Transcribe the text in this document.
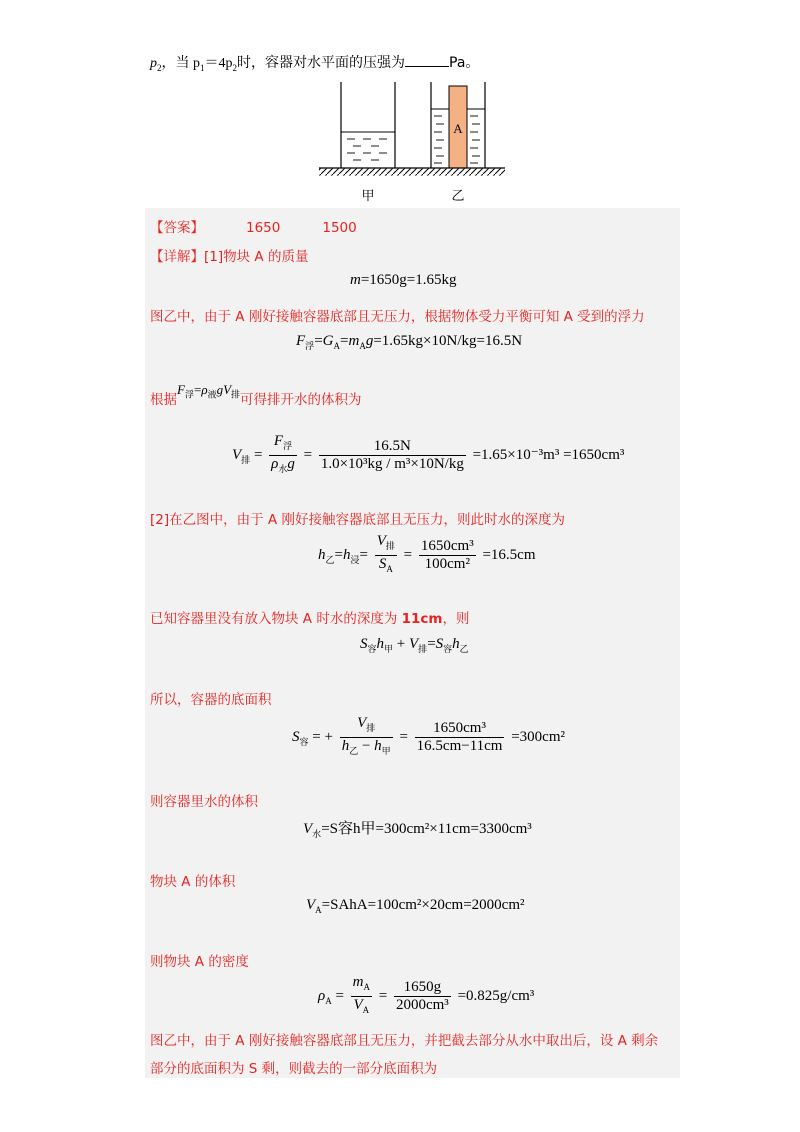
$p_2$，当 $p_1=4p_2$时，容器对水平面的压强为	Pa。
A
甲	乙
【答案】	1650	1500
【详解】[1]物块 A 的质量
m=1650g=1.65kg
图乙中，由于 A 刚好接触容器底部且无压力，根据物体受力平衡可知 A 受到的浮力
$F_浮=G_A=m_Ag=1.65kg\times 10N/kg=16.5N$
根据$F_浮=\rho_液gV_排$可得排开水的体积为
$V_排 = \frac{F_浮}{\rho_水g} = \frac{16.5N}{\text{1.0×10³kg / m³×10N/kg}} =1.65\times 10^{-3}m^3 =1650cm^3$
[2]在乙图中，由于 A 刚好接触容器底部且无压力，则此时水的深度为
$h_乙=h_浸= \frac{V_排}{S_A} = \frac{\text{1650cm³}}{\text{100cm²}} =16.5cm$
已知容器里没有放入物块 A 时水的深度为 11cm，则
$S_容h_甲 + V_排=S_容h_乙$
所以，容器的底面积
$S_容$ = + $\frac{V_排}{h_乙 - h_甲} = \frac{\text{1650cm³}}{16.5cm-11cm} =300cm^2$
则容器里水的体积
$V_水=S$容h甲=300cm²×11cm=3300cm³
物块 A 的体积
$V_A=SAhA=100cm^2\times 20cm=2000cm^2$
则物块 A 的密度
$\rho_A = \frac{m_A}{V_A} = \frac{1650g}{\text{2000cm³}} =0.825g/cm^3$
图乙中，由于 A 刚好接触容器底部且无压力，并把截去部分从水中取出后，设 A 剩余
部分的底面积为 S 剩，则截去的一部分底面积为
